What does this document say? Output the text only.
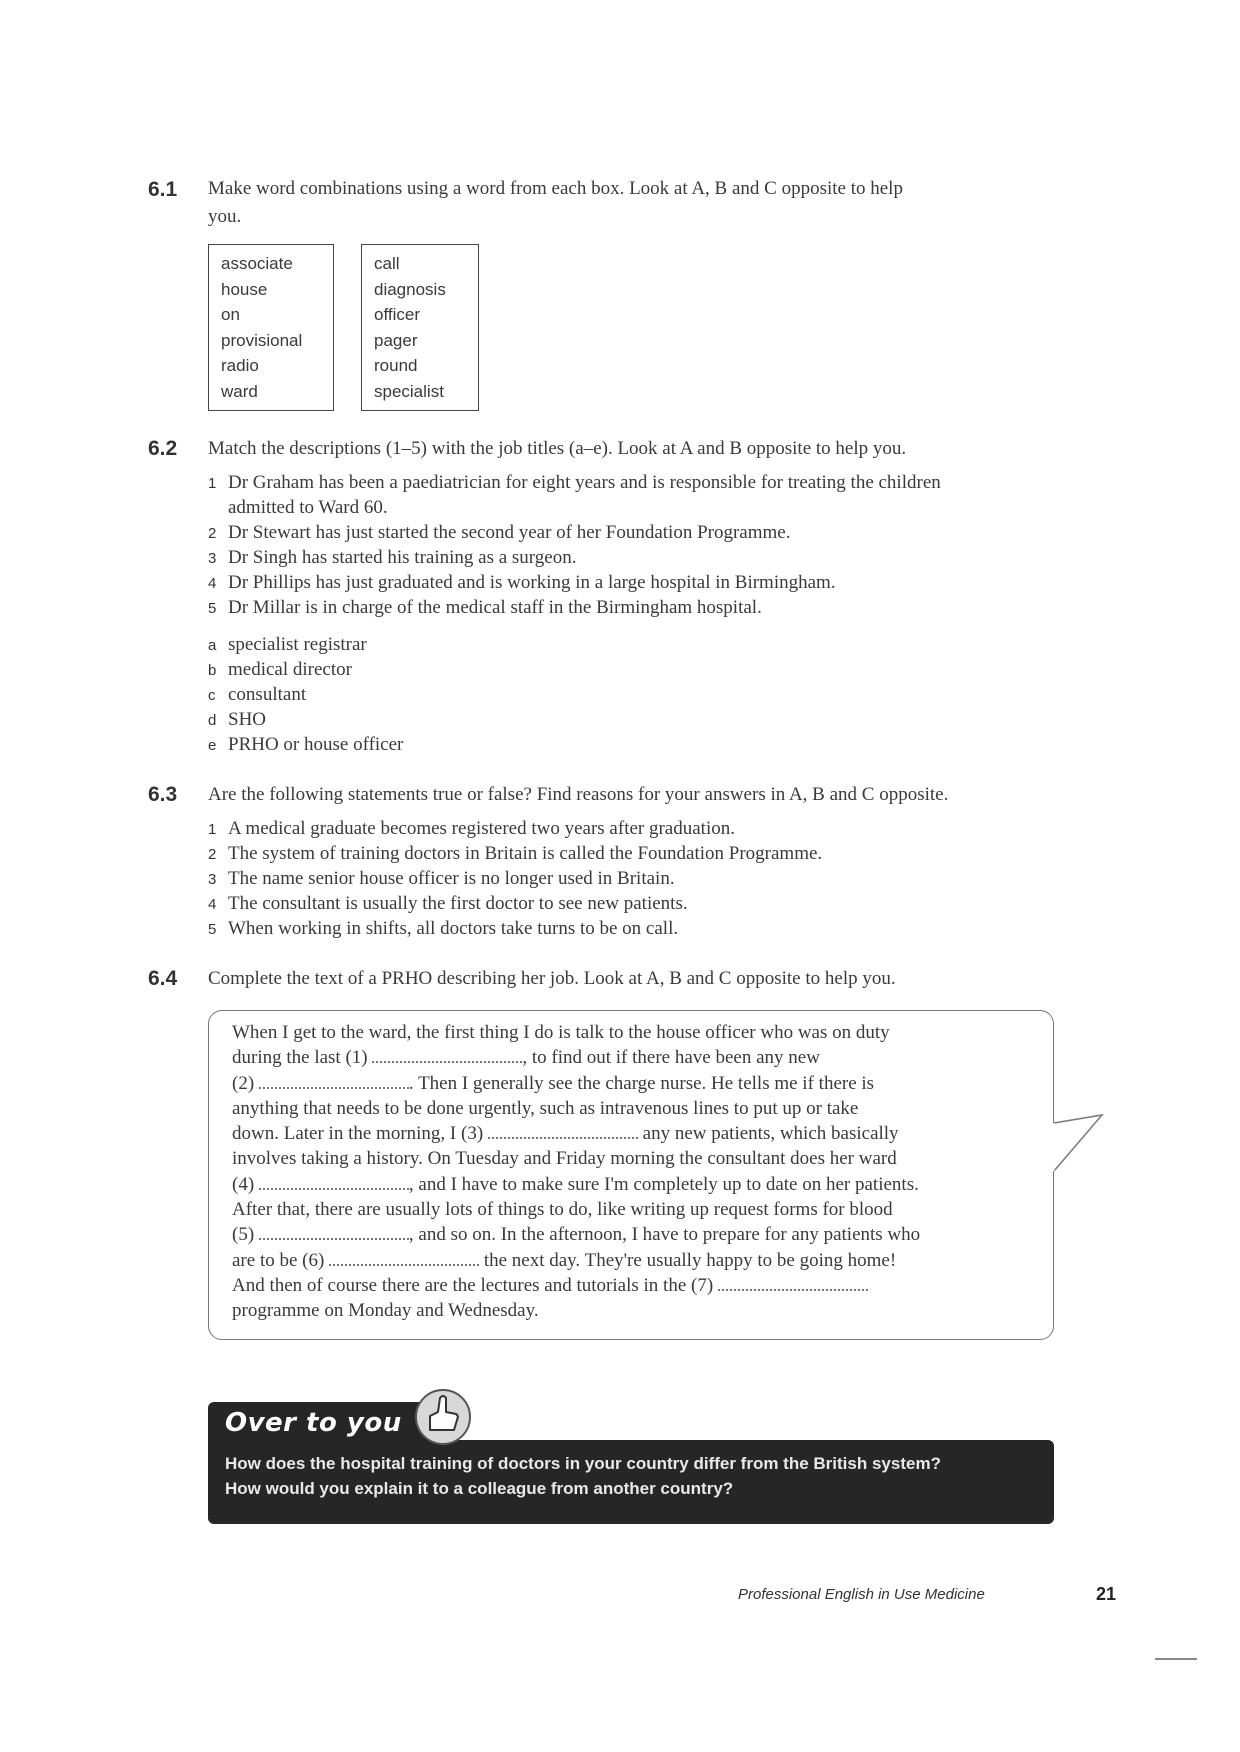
6.1 Make word combinations using a word from each box. Look at A, B and C opposite to help
you.
associate
house
on
provisional
radio
ward
call
diagnosis
officer
pager
round
specialist
6.2 Match the descriptions (1–5) with the job titles (a–e). Look at A and B opposite to help you.
1 Dr Graham has been a paediatrician for eight years and is responsible for treating the children
admitted to Ward 60.
2 Dr Stewart has just started the second year of her Foundation Programme.
3 Dr Singh has started his training as a surgeon.
4 Dr Phillips has just graduated and is working in a large hospital in Birmingham.
5 Dr Millar is in charge of the medical staff in the Birmingham hospital.
a specialist registrar
b medical director
c consultant
d SHO
e PRHO or house officer
6.3 Are the following statements true or false? Find reasons for your answers in A, B and C opposite.
1 A medical graduate becomes registered two years after graduation.
2 The system of training doctors in Britain is called the Foundation Programme.
3 The name senior house officer is no longer used in Britain.
4 The consultant is usually the first doctor to see new patients.
5 When working in shifts, all doctors take turns to be on call.
6.4 Complete the text of a PRHO describing her job. Look at A, B and C opposite to help you.
When I get to the ward, the first thing I do is talk to the house officer who was on duty
during the last (1)	, to find out if there have been any new
(2)	. Then I generally see the charge nurse. He tells me if there is
anything that needs to be done urgently, such as intravenous lines to put up or take
down. Later in the morning, I (3)	any new patients, which basically
involves taking a history. On Tuesday and Friday morning the consultant does her ward
(4)	, and I have to make sure I'm completely up to date on her patients.
After that, there are usually lots of things to do, like writing up request forms for blood
(5)	, and so on. In the afternoon, I have to prepare for any patients who
are to be (6)	the next day. They're usually happy to be going home!
And then of course there are the lectures and tutorials in the (7)
programme on Monday and Wednesday.
Over to you
How does the hospital training of doctors in your country differ from the British system?
How would you explain it to a colleague from another country?
Professional English in Use Medicine	21
